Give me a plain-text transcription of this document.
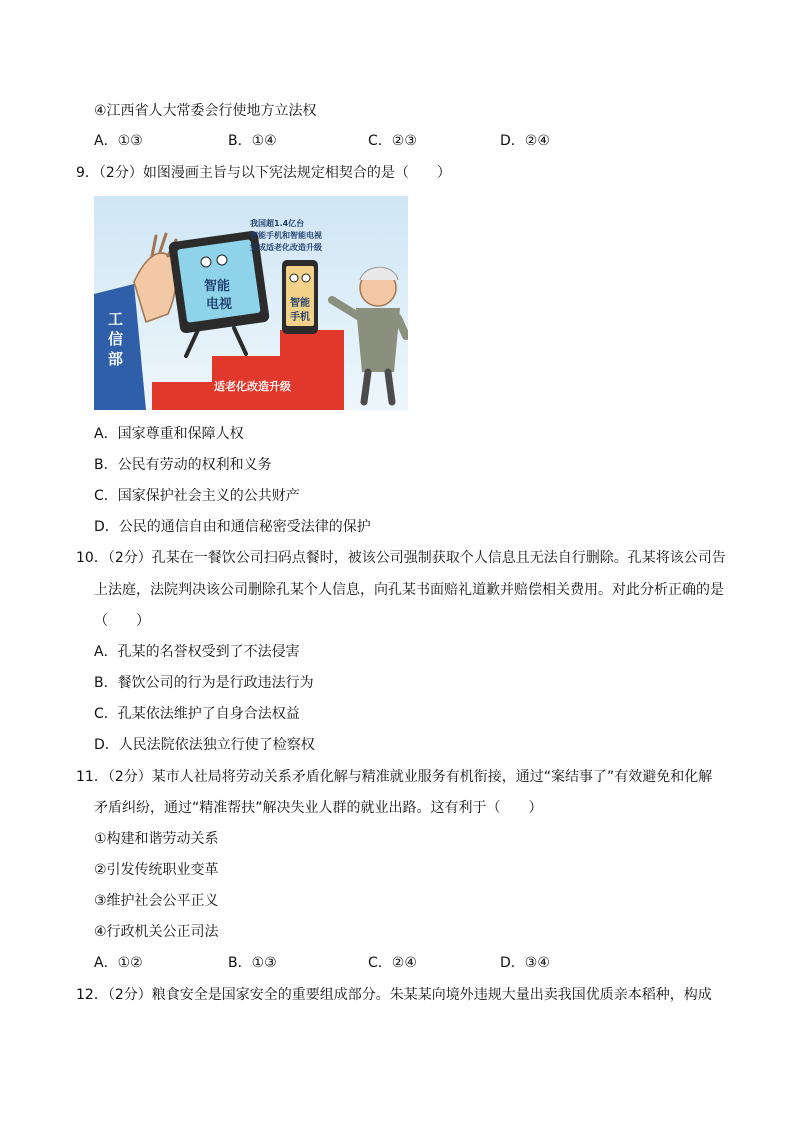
④江西省人大常委会行使地方立法权
A．①③	B．①④	C．②③	D．②④
9．（2分）如图漫画主旨与以下宪法规定相契合的是（　　）
工
信
部
适老化改造升级
智能
电视	智能
手机
我国超1.4亿台
智能手机和智能电视
完成适老化改造升级
A．国家尊重和保障人权
B．公民有劳动的权利和义务
C．国家保护社会主义的公共财产
D．公民的通信自由和通信秘密受法律的保护
10．（2分）孔某在一餐饮公司扫码点餐时，被该公司强制获取个人信息且无法自行删除。孔某将该公司告
上法庭，法院判决该公司删除孔某个人信息，向孔某书面赔礼道歉并赔偿相关费用。对此分析正确的是
（　　）
A．孔某的名誉权受到了不法侵害
B．餐饮公司的行为是行政违法行为
C．孔某依法维护了自身合法权益
D．人民法院依法独立行使了检察权
11．（2分）某市人社局将劳动关系矛盾化解与精准就业服务有机衔接，通过“案结事了”有效避免和化解
矛盾纠纷，通过“精准帮扶”解决失业人群的就业出路。这有利于（　　）
①构建和谐劳动关系
②引发传统职业变革
③维护社会公平正义
④行政机关公正司法
A．①②	B．①③	C．②④	D．③④
12．（2分）粮食安全是国家安全的重要组成部分。朱某某向境外违规大量出卖我国优质亲本稻种，构成
